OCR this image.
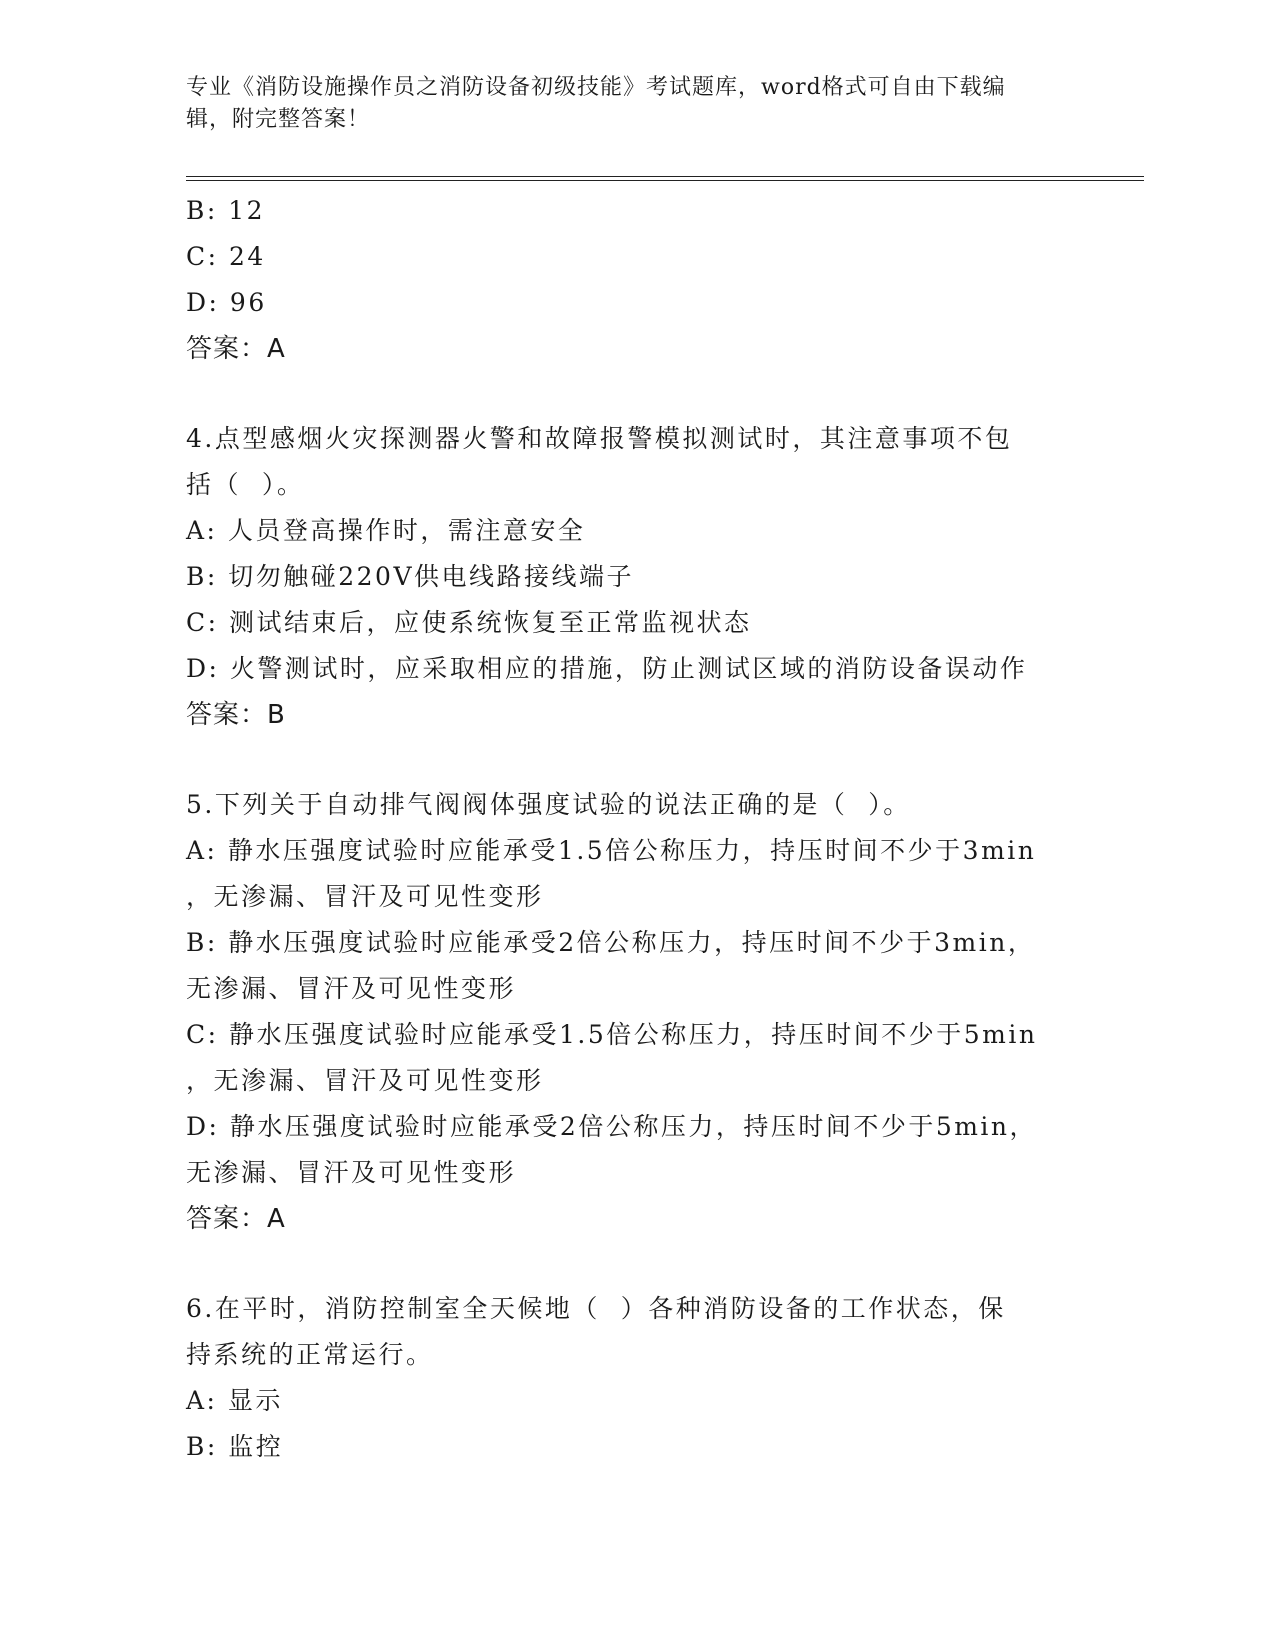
专业《消防设施操作员之消防设备初级技能》考试题库，word格式可自由下载编
辑，附完整答案！
B: 12
C: 24
D: 96
答案：A
4.点型感烟火灾探测器火警和故障报警模拟测试时，其注意事项不包
括（  ）。
A: 人员登高操作时，需注意安全
B: 切勿触碰220V供电线路接线端子
C: 测试结束后，应使系统恢复至正常监视状态
D: 火警测试时，应采取相应的措施，防止测试区域的消防设备误动作
答案：B
5.下列关于自动排气阀阀体强度试验的说法正确的是（  ）。
A: 静水压强度试验时应能承受1.5倍公称压力，持压时间不少于3min
，无渗漏、冒汗及可见性变形
B: 静水压强度试验时应能承受2倍公称压力，持压时间不少于3min，
无渗漏、冒汗及可见性变形
C: 静水压强度试验时应能承受1.5倍公称压力，持压时间不少于5min
，无渗漏、冒汗及可见性变形
D: 静水压强度试验时应能承受2倍公称压力，持压时间不少于5min，
无渗漏、冒汗及可见性变形
答案：A
6.在平时，消防控制室全天候地（  ）各种消防设备的工作状态，保
持系统的正常运行。
A: 显示
B: 监控
